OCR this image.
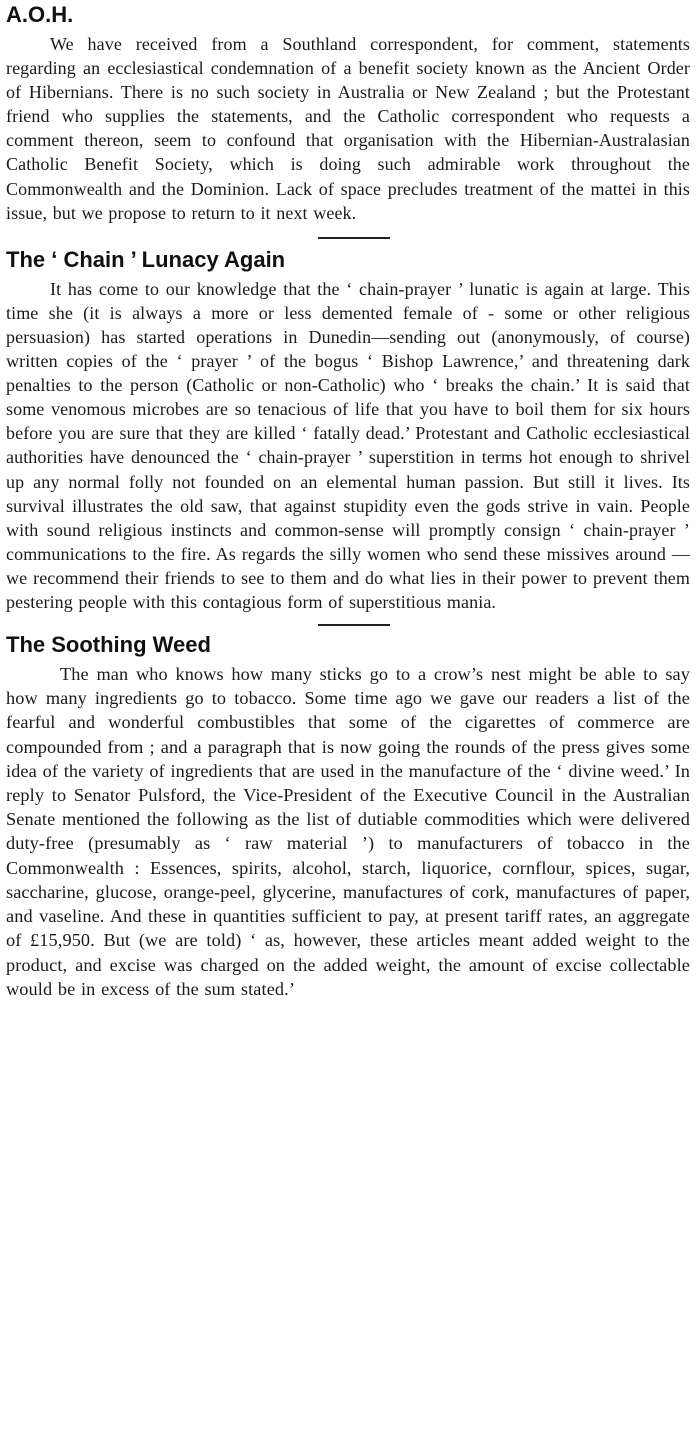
A.O.H.

We have received from a Southland correspondent, for comment, statements regarding an ecclesiastical condemnation of a benefit society known as the Ancient Order of Hibernians. There is no such society in Australia or New Zealand ; but the Protestant friend who supplies the statements, and the Catholic correspondent who requests a comment thereon, seem to confound that organisation with the Hibernian-Australasian Catholic Benefit Society, which is doing such admirable work throughout the Commonwealth and the Dominion. Lack of space precludes treatment of the mattei in this issue, but we propose to return to it next week.

The ‘ Chain ’ Lunacy Again

It has come to our knowledge that the ‘ chain-prayer ’ lunatic is again at large. This time she (it is always a more or less demented female of - some or other religious persuasion) has started operations in Dunedin—sending out (anonymously, of course) written copies of the ‘ prayer ’ of the bogus ‘ Bishop Lawrence,’ and threatening dark penalties to the person (Catholic or non-Catholic) who ‘ breaks the chain.’ It is said that some venomous microbes are so tenacious of life that you have to boil them for six hours before you are sure that they are killed ‘ fatally dead.’ Protestant and Catholic ecclesiastical authorities have denounced the ‘ chain-prayer ’ superstition in terms hot enough to shrivel up any normal folly not founded on an elemental human passion. But still it lives. Its survival illustrates the old saw, that against stupidity even the gods strive in vain. People with sound religious instincts and common-sense will promptly consign ‘ chain-prayer ’ communications to the fire. As regards the silly women who send these missives around —we recommend their friends to see to them and do what lies in their power to prevent them pestering people with this contagious form of superstitious mania.

The Soothing Weed

The man who knows how many sticks go to a crow’s nest might be able to say how many ingredients go to tobacco. Some time ago we gave our readers a list of the fearful and wonderful combustibles that some of the cigarettes of commerce are compounded from ; and a paragraph that is now going the rounds of the press gives some idea of the variety of ingredients that are used in the manufacture of the ‘ divine weed.’ In reply to Senator Pulsford, the Vice-President of the Executive Council in the Australian Senate mentioned the following as the list of dutiable commodities which were delivered duty-free (presumably as ‘ raw material ’) to manufacturers of tobacco in the Commonwealth : Essences, spirits, alcohol, starch, liquorice, cornflour, spices, sugar, saccharine, glucose, orange-peel, glycerine, manufactures of cork, manufactures of paper, and vaseline. And these in quantities sufficient to pay, at present tariff rates, an aggregate of £15,950. But (we are told) ‘ as, however, these articles meant added weight to the product, and excise was charged on the added weight, the amount of excise collectable would be in excess of the sum stated.’
